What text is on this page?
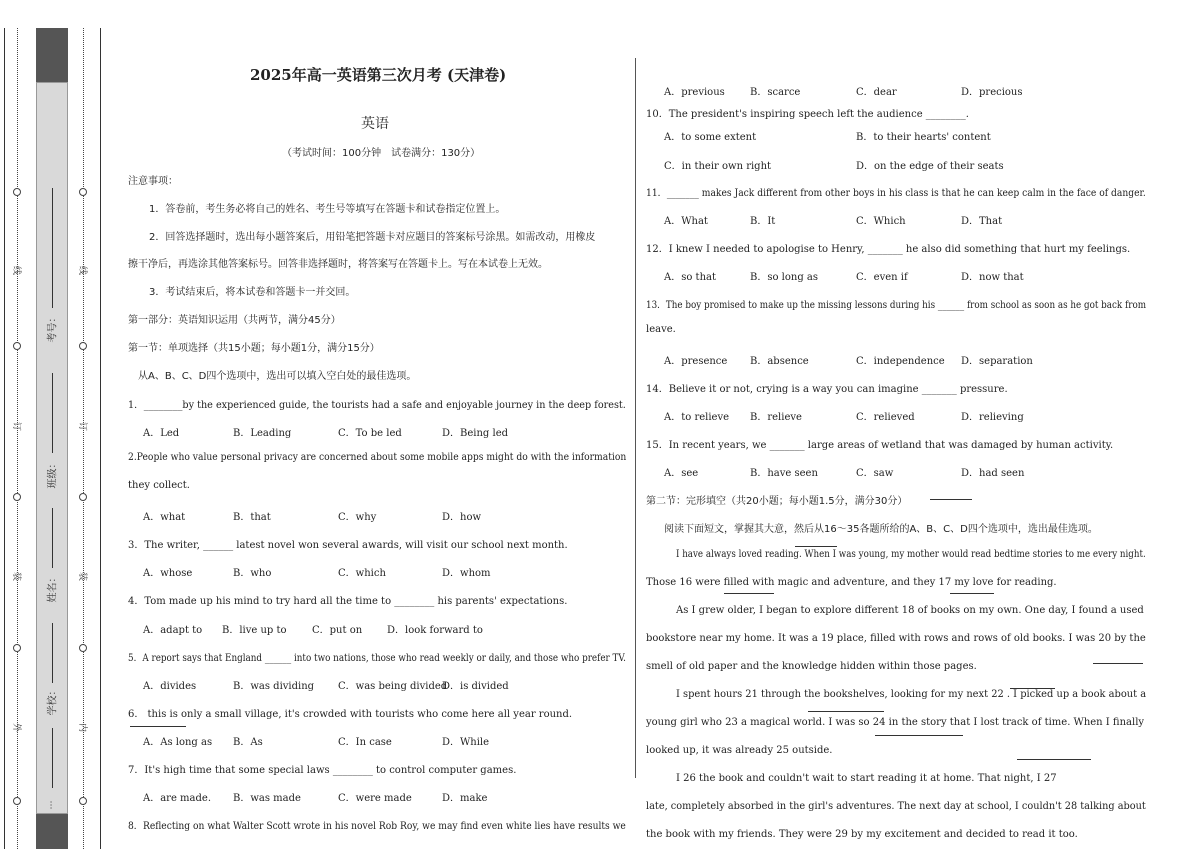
线
订
装
外
线
订
装
内
考号：
班级：
姓名：
学校：
…
2025年高一英语第三次月考 (天津卷)
英语
（考试时间：100分钟　试卷满分：130分）
注意事项：
1．答卷前，考生务必将自己的姓名、考生号等填写在答题卡和试卷指定位置上。
2．回答选择题时，选出每小题答案后，用铅笔把答题卡对应题目的答案标号涂黑。如需改动，用橡皮
擦干净后，再选涂其他答案标号。回答非选择题时，将答案写在答题卡上。写在本试卷上无效。
3．考试结束后，将本试卷和答题卡一并交回。
第一部分：英语知识运用（共两节，满分45分）
第一节：单项选择（共15小题；每小题1分，满分15分）
从A、B、C、D四个选项中，选出可以填入空白处的最佳选项。
1．________by the experienced guide, the tourists had a safe and enjoyable journey in the deep forest.
A．Led	B．Leading	C．To be led	D．Being led
2.People who value personal privacy are concerned about some mobile apps might do with the information
they collect.
A．what	B．that	C．why	D．how
3．The writer, ______ latest novel won several awards, will visit our school next month.
A．whose	B．who	C．which	D．whom
4．Tom made up his mind to try hard all the time to ________ his parents' expectations.
A．adapt to B．live up to	C．put on D．look forward to
5．A report says that England ______ into two nations, those who read weekly or daily, and those who prefer TV.
A．divides	B．was dividing C．was being divided
D．is divided
6． this is only a small village, it's crowded with tourists who come here all year round.
A．As long as B．As	C．In case	D．While
7．It's high time that some special laws ________ to control computer games.
A．are made. B．was made	C．were made	D．make
8．Reflecting on what Walter Scott wrote in his novel Rob Roy, we may find even white lies have results we
A．previous	B．scarce	C．dear	D．precious
10．The president's inspiring speech left the audience ________.
A．to some extent	B．to their hearts' content
C．in their own right	D．on the edge of their seats
11．_______ makes Jack different from other boys in his class is that he can keep calm in the face of danger.
A．What	B．It	C．Which	D．That
12．I knew I needed to apologise to Henry, _______ he also did something that hurt my feelings.
A．so that	B．so long as	C．even if	D．now that
13．The boy promised to make up the missing lessons during his ______ from school as soon as he got back from
leave.
A．presence B．absence	C．independence D．separation
14．Believe it or not, crying is a way you can imagine _______ pressure.
A．to relieve B．relieve	C．relieved	D．relieving
15．In recent years, we _______ large areas of wetland that was damaged by human activity.
A．see	B．have seen	C．saw	D．had seen
第二节：完形填空（共20小题；每小题1.5分，满分30分）
阅读下面短文，掌握其大意，然后从16～35各题所给的A、B、C、D四个选项中，选出最佳选项。
I have always loved reading. When I was young, my mother would read bedtime stories to me every night.
Those 16 were filled with magic and adventure, and they 17 my love for reading.
As I grew older, I began to explore different 18 of books on my own. One day, I found a used
bookstore near my home. It was a 19 place, filled with rows and rows of old books. I was 20 by the
smell of old paper and the knowledge hidden within those pages.
I spent hours 21 through the bookshelves, looking for my next 22 . I picked up a book about a
young girl who 23 a magical world. I was so 24 in the story that I lost track of time. When I finally
looked up, it was already 25 outside.
I 26 the book and couldn't wait to start reading it at home. That night, I 27
late, completely absorbed in the girl's adventures. The next day at school, I couldn't 28 talking about
the book with my friends. They were 29 by my excitement and decided to read it too.
